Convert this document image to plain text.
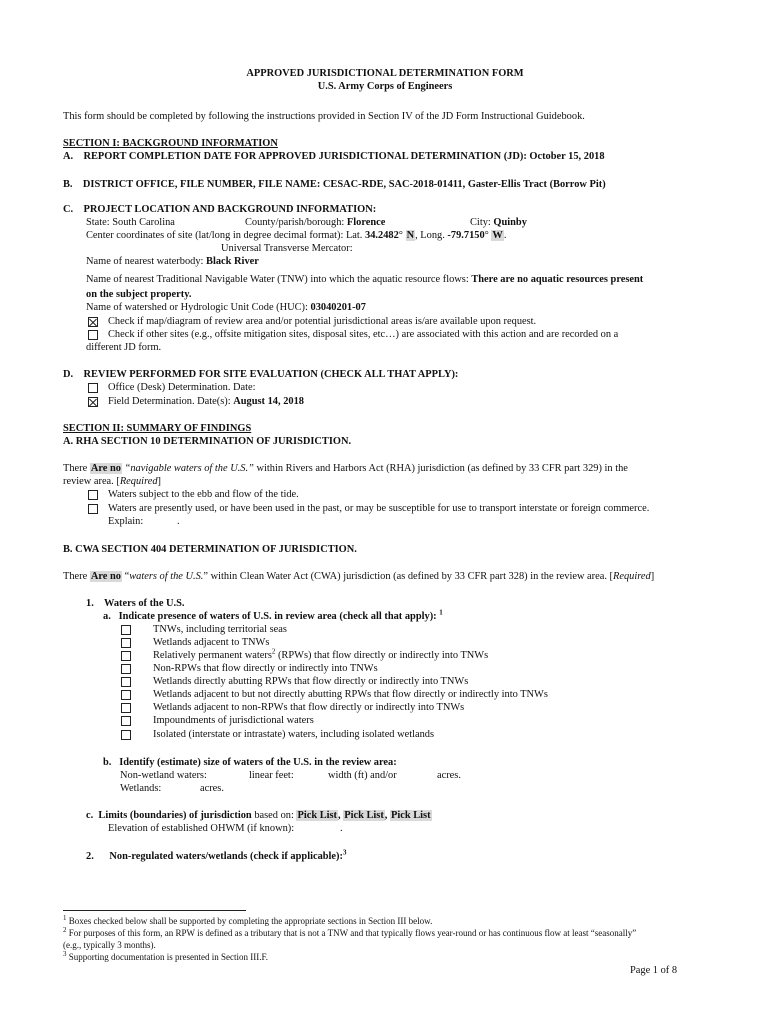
APPROVED JURISDICTIONAL DETERMINATION FORM
U.S. Army Corps of Engineers
This form should be completed by following the instructions provided in Section IV of the JD Form Instructional Guidebook.
SECTION I: BACKGROUND INFORMATION
A. REPORT COMPLETION DATE FOR APPROVED JURISDICTIONAL DETERMINATION (JD): October 15, 2018
B. DISTRICT OFFICE, FILE NUMBER, FILE NAME: CESAC-RDE, SAC-2018-01411, Gaster-Ellis Tract (Borrow Pit)
C. PROJECT LOCATION AND BACKGROUND INFORMATION:
State: South Carolina	County/parish/borough: Florence	City: Quinby
Center coordinates of site (lat/long in degree decimal format): Lat. 34.2482° N, Long. -79.7150° W.
Universal Transverse Mercator:
Name of nearest waterbody: Black River
Name of nearest Traditional Navigable Water (TNW) into which the aquatic resource flows: There are no aquatic resources present
on the subject property.
Name of watershed or Hydrologic Unit Code (HUC): 03040201-07
Check if map/diagram of review area and/or potential jurisdictional areas is/are available upon request.
Check if other sites (e.g., offsite mitigation sites, disposal sites, etc…) are associated with this action and are recorded on a
different JD form.
D. REVIEW PERFORMED FOR SITE EVALUATION (CHECK ALL THAT APPLY):
Office (Desk) Determination. Date:
Field Determination. Date(s): August 14, 2018
SECTION II: SUMMARY OF FINDINGS
A. RHA SECTION 10 DETERMINATION OF JURISDICTION.
There Are no “navigable waters of the U.S.” within Rivers and Harbors Act (RHA) jurisdiction (as defined by 33 CFR part 329) in the
review area. [Required]
Waters subject to the ebb and flow of the tide.
Waters are presently used, or have been used in the past, or may be susceptible for use to transport interstate or foreign commerce.
Explain:	.
B. CWA SECTION 404 DETERMINATION OF JURISDICTION.
There Are no “waters of the U.S.” within Clean Water Act (CWA) jurisdiction (as defined by 33 CFR part 328) in the review area. [Required]
1. Waters of the U.S.
a. Indicate presence of waters of U.S. in review area (check all that apply): $^1$
TNWs, including territorial seas
Wetlands adjacent to TNWs
Relatively permanent waters$^2$ (RPWs) that flow directly or indirectly into TNWs
Non-RPWs that flow directly or indirectly into TNWs
Wetlands directly abutting RPWs that flow directly or indirectly into TNWs
Wetlands adjacent to but not directly abutting RPWs that flow directly or indirectly into TNWs
Wetlands adjacent to non-RPWs that flow directly or indirectly into TNWs
Impoundments of jurisdictional waters
Isolated (interstate or intrastate) waters, including isolated wetlands
b. Identify (estimate) size of waters of the U.S. in the review area:
Non-wetland waters:	linear feet:	width (ft) and/or	acres.
Wetlands:	acres.
c. Limits (boundaries) of jurisdiction based on: Pick List, Pick List, Pick List
Elevation of established OHWM (if known):	.
2. Non-regulated waters/wetlands (check if applicable):$^3$
$^1$ Boxes checked below shall be supported by completing the appropriate sections in Section III below.
$^2$ For purposes of this form, an RPW is defined as a tributary that is not a TNW and that typically flows year-round or has continuous flow at least “seasonally”
(e.g., typically 3 months).
$^3$ Supporting documentation is presented in Section III.F.
Page 1 of 8
